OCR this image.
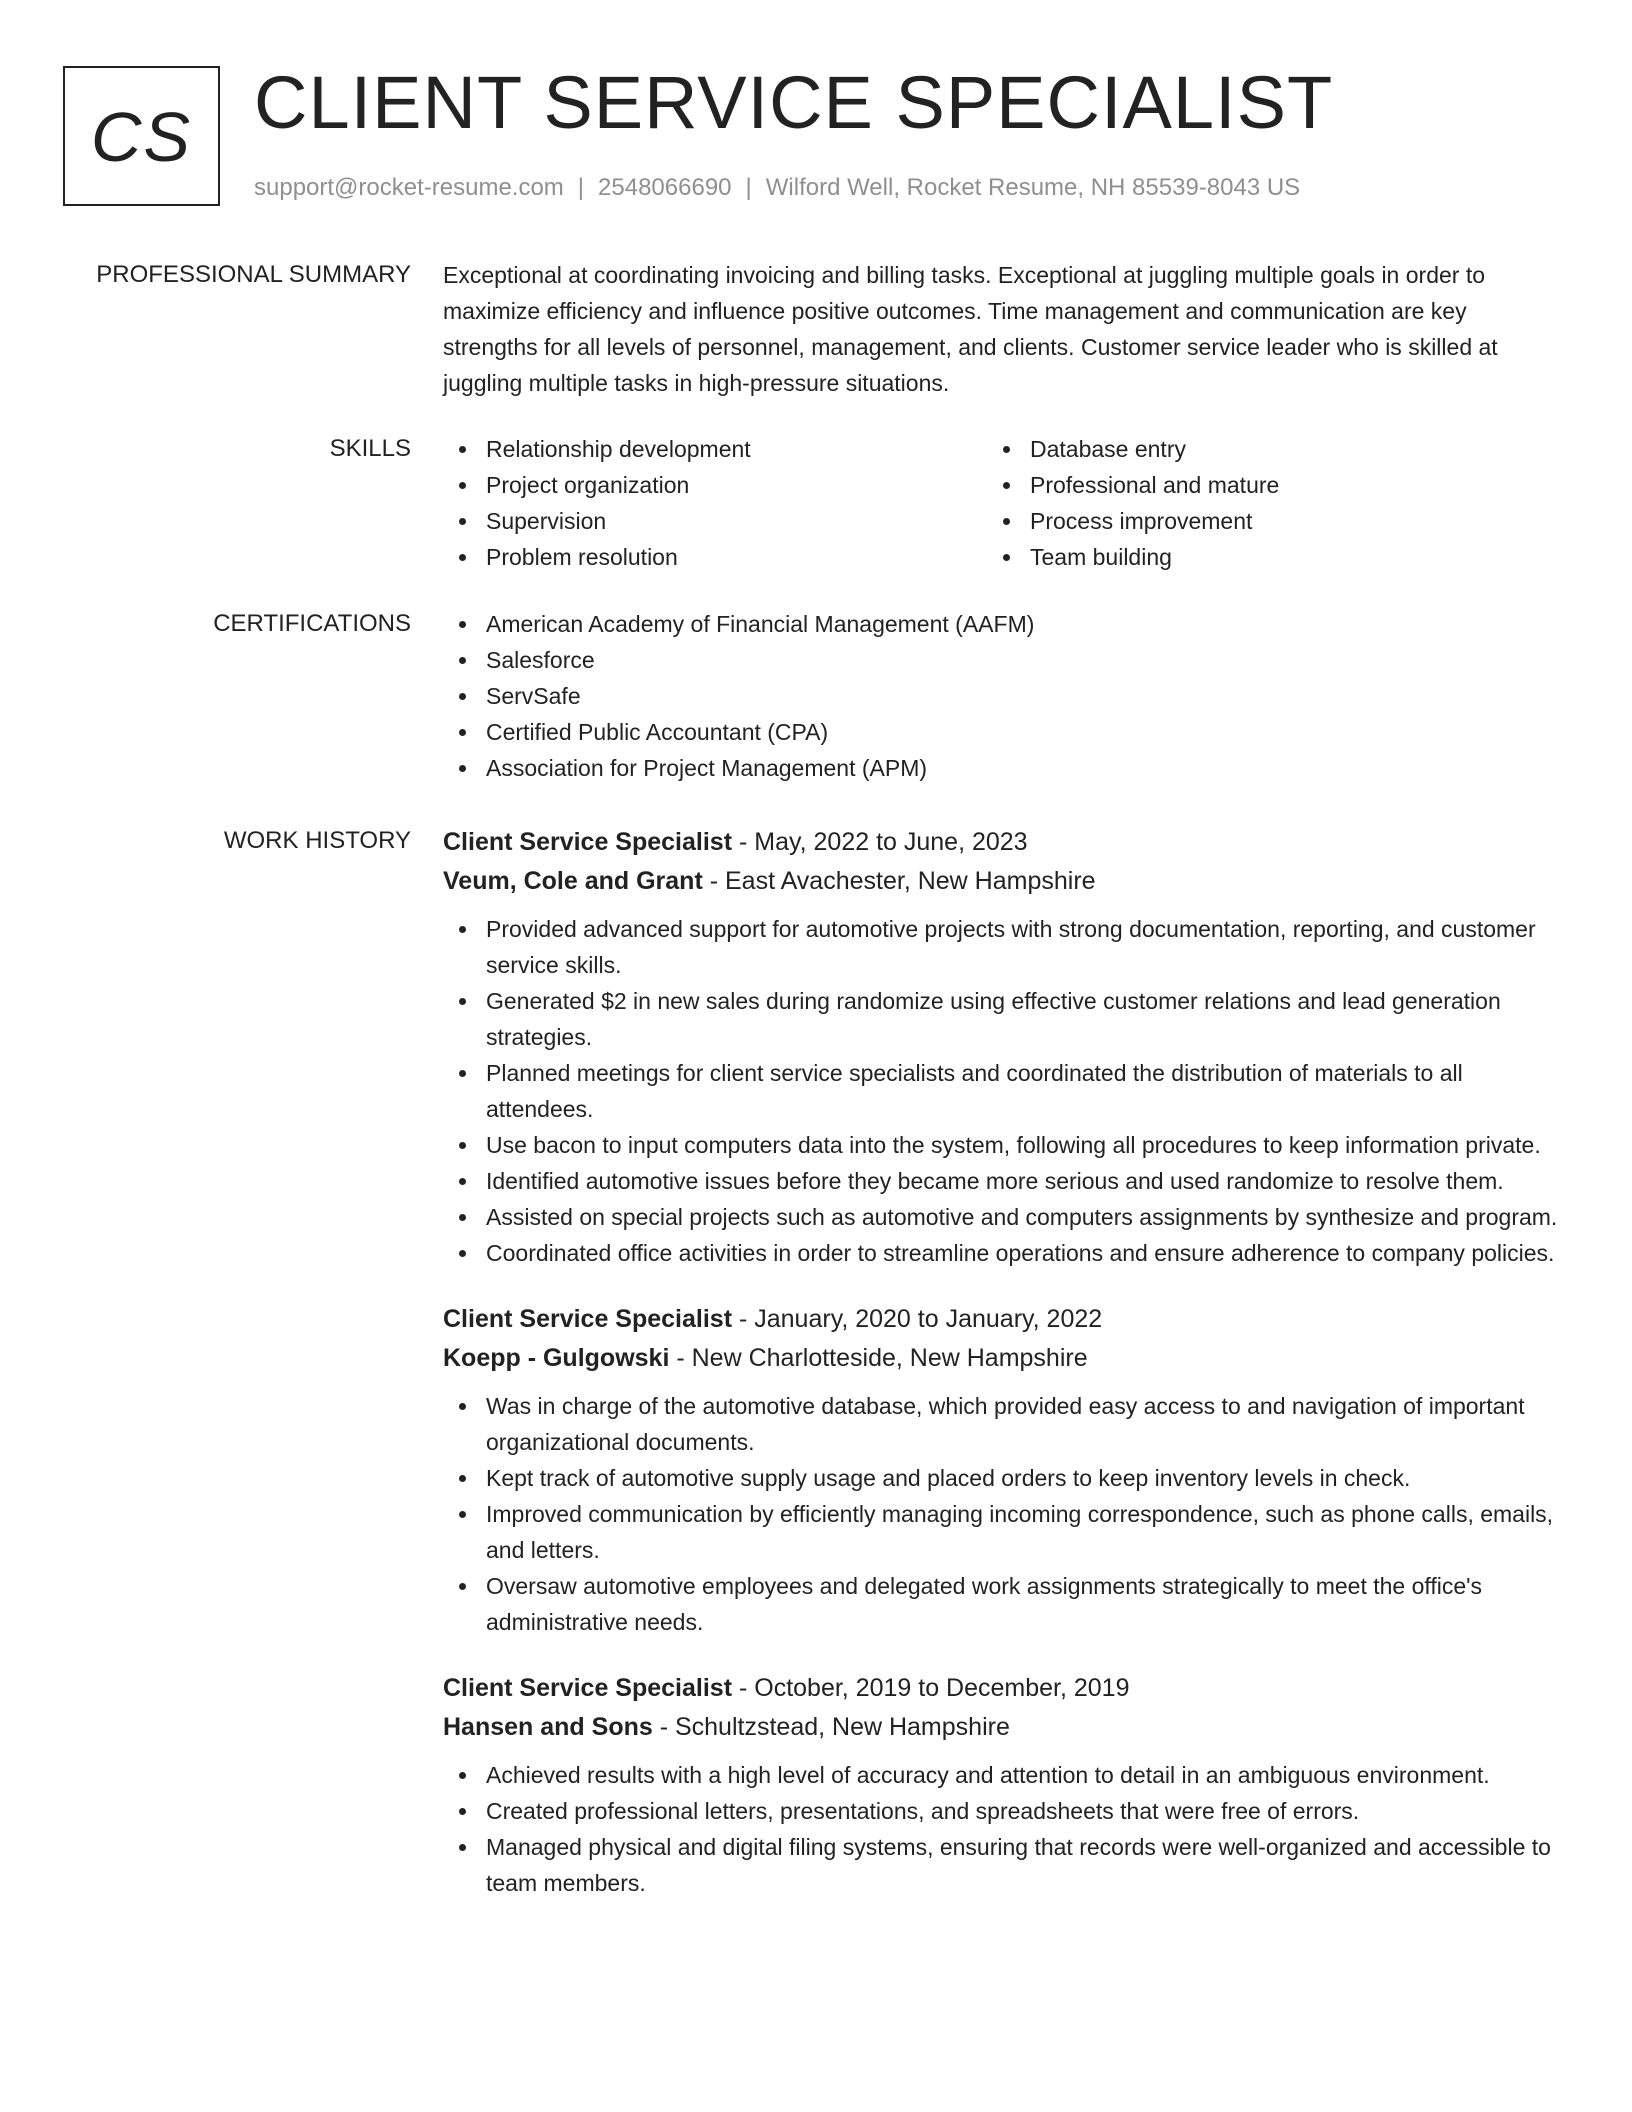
CS CLIENT SERVICE SPECIALIST
support@rocket-resume.com | 2548066690 | Wilford Well, Rocket Resume, NH 85539-8043 US
PROFESSIONAL SUMMARY Exceptional at coordinating invoicing and billing tasks. Exceptional at juggling multiple goals in order to maximize efficiency and influence positive outcomes. Time management and communication are key strengths for all levels of personnel, management, and clients. Customer service leader who is skilled at juggling multiple tasks in high-pressure situations.

SKILLS	Relationship development
Project organization
Supervision
Problem resolution
Database entry
Professional and mature
Process improvement
Team building
CERTIFICATIONS	American Academy of Financial Management (AAFM)
Salesforce
ServSafe
Certified Public Accountant (CPA)
Association for Project Management (APM)
WORK HISTORY Client Service Specialist - May, 2022 to June, 2023
Veum, Cole and Grant - East Avachester, New Hampshire
Provided advanced support for automotive projects with strong documentation, reporting, and customer service skills.
Generated $2 in new sales during randomize using effective customer relations and lead generation strategies.
Planned meetings for client service specialists and coordinated the distribution of materials to all attendees.
Use bacon to input computers data into the system, following all procedures to keep information private.
Identified automotive issues before they became more serious and used randomize to resolve them.
Assisted on special projects such as automotive and computers assignments by synthesize and program.
Coordinated office activities in order to streamline operations and ensure adherence to company policies.
Client Service Specialist - January, 2020 to January, 2022
Koepp - Gulgowski - New Charlotteside, New Hampshire
Was in charge of the automotive database, which provided easy access to and navigation of important organizational documents.
Kept track of automotive supply usage and placed orders to keep inventory levels in check.
Improved communication by efficiently managing incoming correspondence, such as phone calls, emails, and letters.
Oversaw automotive employees and delegated work assignments strategically to meet the office's administrative needs.
Client Service Specialist - October, 2019 to December, 2019
Hansen and Sons - Schultzstead, New Hampshire
Achieved results with a high level of accuracy and attention to detail in an ambiguous environment.
Created professional letters, presentations, and spreadsheets that were free of errors.
Managed physical and digital filing systems, ensuring that records were well-organized and accessible to team members.
